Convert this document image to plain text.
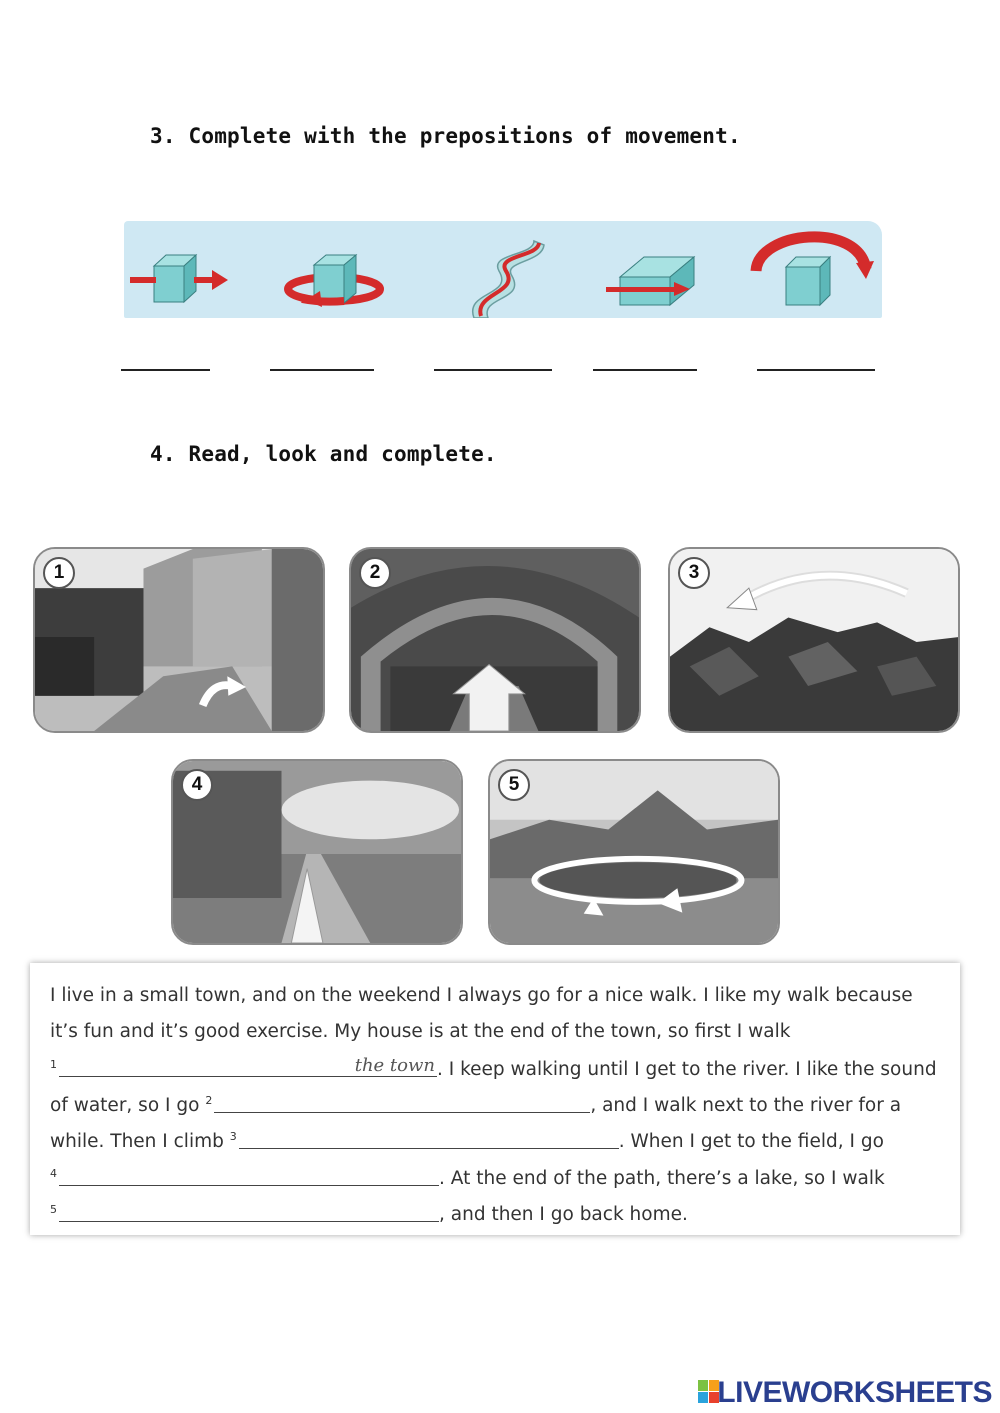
3. Complete with the prepositions of movement.
4. Read, look and complete.
1	2	3
4	5

I live in a small town, and on the weekend I always go for a nice walk. I like my walk because

it’s fun and it’s good exercise. My house is at the end of the town, so first I walk

$^1$	the town . I keep walking until I get to the river. I like the sound

of water, so I go $^2$	, and I walk next to the river for a

while. Then I climb $^3$	. When I get to the field, I go

$^4$	. At the end of the path, there’s a lake, so I walk

$^5$	, and then I go back home.

LIVEWORKSHEETS
